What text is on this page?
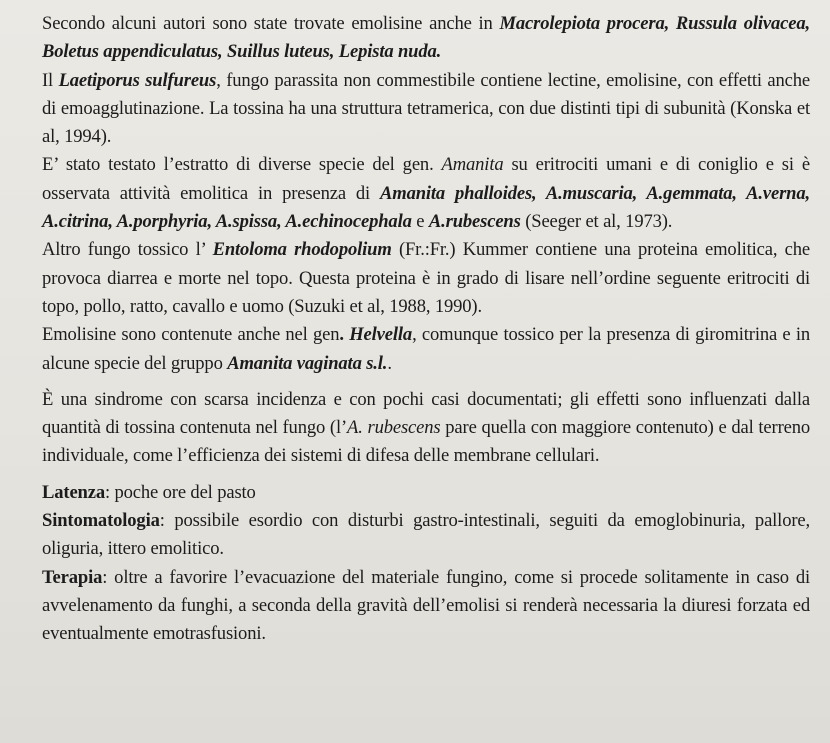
Secondo alcuni autori sono state trovate emolisine anche in Macrolepiota procera, Russula olivacea, Boletus appendiculatus, Suillus luteus, Lepista nuda.

Il Laetiporus sulfureus, fungo parassita non commestibile contiene lectine, emolisine, con effetti anche di emoagglutinazione. La tossina ha una struttura tetramerica, con due distinti tipi di subunità (Konska et al, 1994).

E’ stato testato l’estratto di diverse specie del gen. Amanita su eritrociti umani e di coniglio e si è osservata attività emolitica in presenza di Amanita phalloides, A.muscaria, A.gemmata, A.verna, A.citrina, A.porphyria, A.spissa, A.echinocephala e A.rubescens (Seeger et al, 1973).

Altro fungo tossico l’ Entoloma rhodopolium (Fr.:Fr.) Kummer contiene una proteina emolitica, che provoca diarrea e morte nel topo. Questa proteina è in grado di lisare nell’ordine seguente eritrociti di topo, pollo, ratto, cavallo e uomo (Suzuki et al, 1988, 1990).

Emolisine sono contenute anche nel gen. Helvella, comunque tossico per la presenza di giromitrina e in alcune specie del gruppo Amanita vaginata s.l..

È una sindrome con scarsa incidenza e con pochi casi documentati; gli effetti sono influenzati dalla quantità di tossina contenuta nel fungo (l’A. rubescens pare quella con maggiore contenuto) e dal terreno individuale, come l’efficienza dei sistemi di difesa delle membrane cellulari.

Latenza: poche ore del pasto

Sintomatologia: possibile esordio con disturbi gastro-intestinali, seguiti da emoglobinuria, pallore, oliguria, ittero emolitico.

Terapia: oltre a favorire l’evacuazione del materiale fungino, come si procede solitamente in caso di avvelenamento da funghi, a seconda della gravità dell’emolisi si renderà necessaria la diuresi forzata ed eventualmente emotrasfusioni.
